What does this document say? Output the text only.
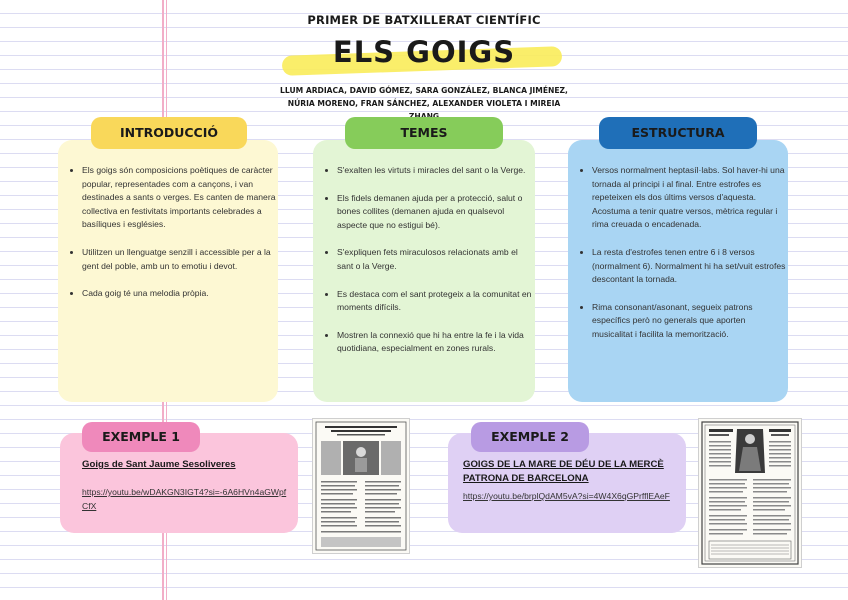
PRIMER DE BATXILLERAT CIENTÍFIC
ELS GOIGS
LLUM ARDIACA, DAVID GÓMEZ, SARA GONZÁLEZ, BLANCA JIMÉNEZ,
NÚRIA MORENO, FRAN SÁNCHEZ, ALEXANDER VIOLETA I MIREIA
• Els goigs són composicions poètiques de caràcter popular, representades com a cançons, i van destinades a sants o verges. Es canten de manera collectiva en festivitats importants celebrades a basíliques i esglésies.
• Utilitzen un llenguatge senzill i accessible per a la gent del poble, amb un to emotiu i devot.
• Cada goig té una melodia pròpia.
INTRODUCCIÓ
• S'exalten les virtuts i miracles del sant o la Verge.
• Els fidels demanen ajuda per a protecció, salut o bones collites (demanen ajuda en qualsevol aspecte que no estigui bé).
• S'expliquen fets miraculosos relacionats amb el sant o la Verge.
• Es destaca com el sant protegeix a la comunitat en moments difícils.
• Mostren la connexió que hi ha entre la fe i la vida quotidiana, especialment en zones rurals.
TEMES
• Versos normalment heptasíl·labs. Sol haver-hi una tornada al principi i al final. Entre estrofes es repeteixen els dos últims versos d'aquesta. Acostuma a tenir quatre versos, mètrica regular i rima creuada o encadenada.
• La resta d'estrofes tenen entre 6 i 8 versos (normalment 6). Normalment hi ha set/vuit estrofes descontant la tornada.
• Rima consonant/asonant, segueix patrons específics però no generals que aporten musicalitat i facilita la memorització.
ESTRUCTURA
Goigs de Sant Jaume Sesoliveres
https://youtu.be/wDAKGN3IGT4?si=-6A6HVn4aGWpfCfX
EXEMPLE 1
GOIGS DE LA MARE DE DÉU DE LA MERCÈ PATRONA DE BARCELONA
https://youtu.be/brplQdAM5vA?si=4W4X6qGPrfflEAeF
EXEMPLE 2
